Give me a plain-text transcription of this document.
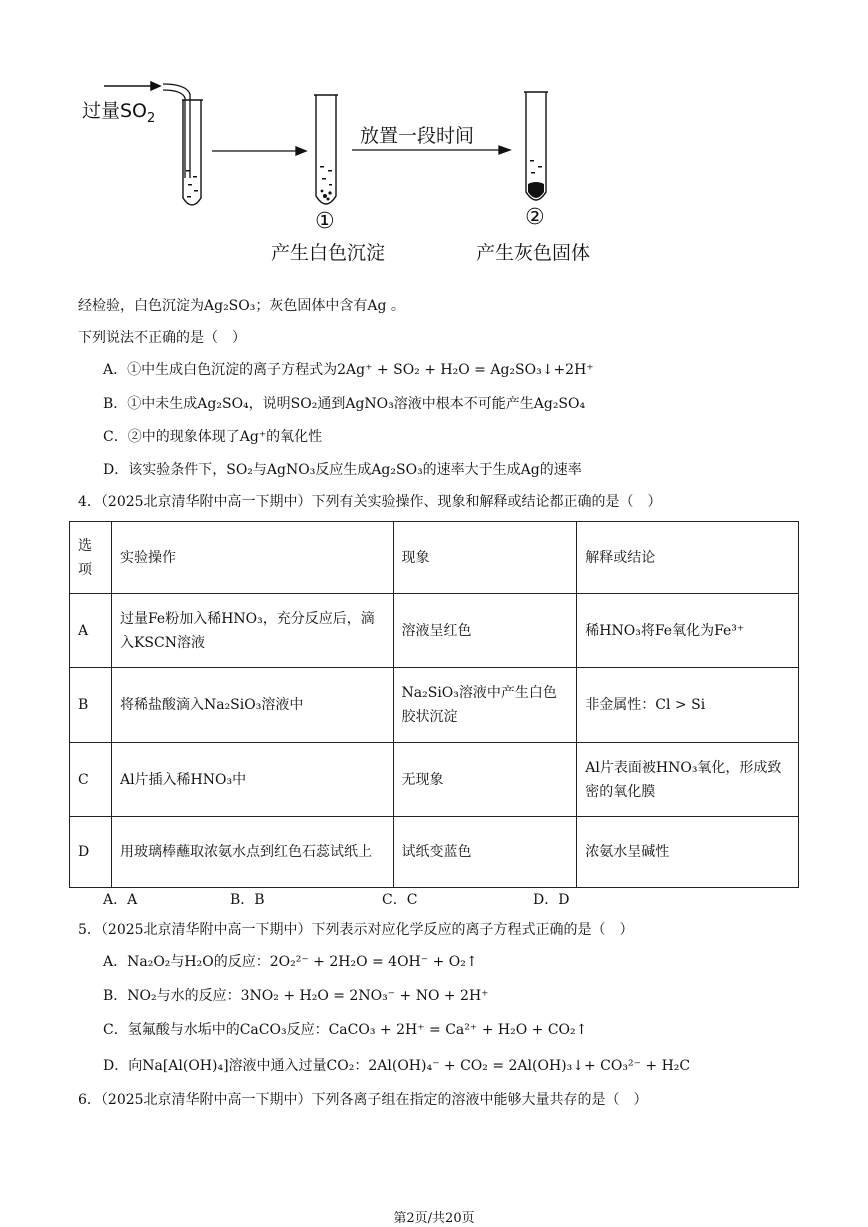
过量$SO_2$
放置一段时间
①
产生白色沉淀
②
产生灰色固体
经检验，白色沉淀为Ag₂SO₃；灰色固体中含有Ag 。
下列说法不正确的是（　）
A．①中生成白色沉淀的离子方程式为2Ag⁺ + SO₂ + H₂O = Ag₂SO₃↓+2H⁺
B．①中未生成Ag₂SO₄，说明SO₂通到AgNO₃溶液中根本不可能产生Ag₂SO₄
C．②中的现象体现了Ag⁺的氧化性
D．该实验条件下，SO₂与AgNO₃反应生成Ag₂SO₃的速率大于生成Ag的速率
4．（2025北京清华附中高一下期中）下列有关实验操作、现象和解释或结论都正确的是（　）
选项	实验操作	现象	解释或结论
A	过量Fe粉加入稀HNO₃，充分反应后，滴入KSCN溶液	溶液呈红色	稀HNO₃将Fe氧化为Fe³⁺
B	将稀盐酸滴入Na₂SiO₃溶液中	Na₂SiO₃溶液中产生白色胶状沉淀	非金属性：Cl > Si
C	Al片插入稀HNO₃中	无现象	Al片表面被HNO₃氧化，形成致密的氧化膜
D	用玻璃棒蘸取浓氨水点到红色石蕊试纸上	试纸变蓝色	浓氨水呈碱性
A．A	B．B	C．C	D．D
5．（2025北京清华附中高一下期中）下列表示对应化学反应的离子方程式正确的是（　）
A．Na₂O₂与H₂O的反应：2O₂²⁻ + 2H₂O = 4OH⁻ + O₂↑
B．NO₂与水的反应：3NO₂ + H₂O = 2NO₃⁻ + NO + 2H⁺
C．氢氟酸与水垢中的CaCO₃反应：CaCO₃ + 2H⁺ = Ca²⁺ + H₂O + CO₂↑
D．向Na[Al(OH)₄]溶液中通入过量CO₂：2Al(OH)₄⁻ + CO₂ = 2Al(OH)₃↓+ CO₃²⁻ + H₂C
6．（2025北京清华附中高一下期中）下列各离子组在指定的溶液中能够大量共存的是（　）
第2页/共20页
